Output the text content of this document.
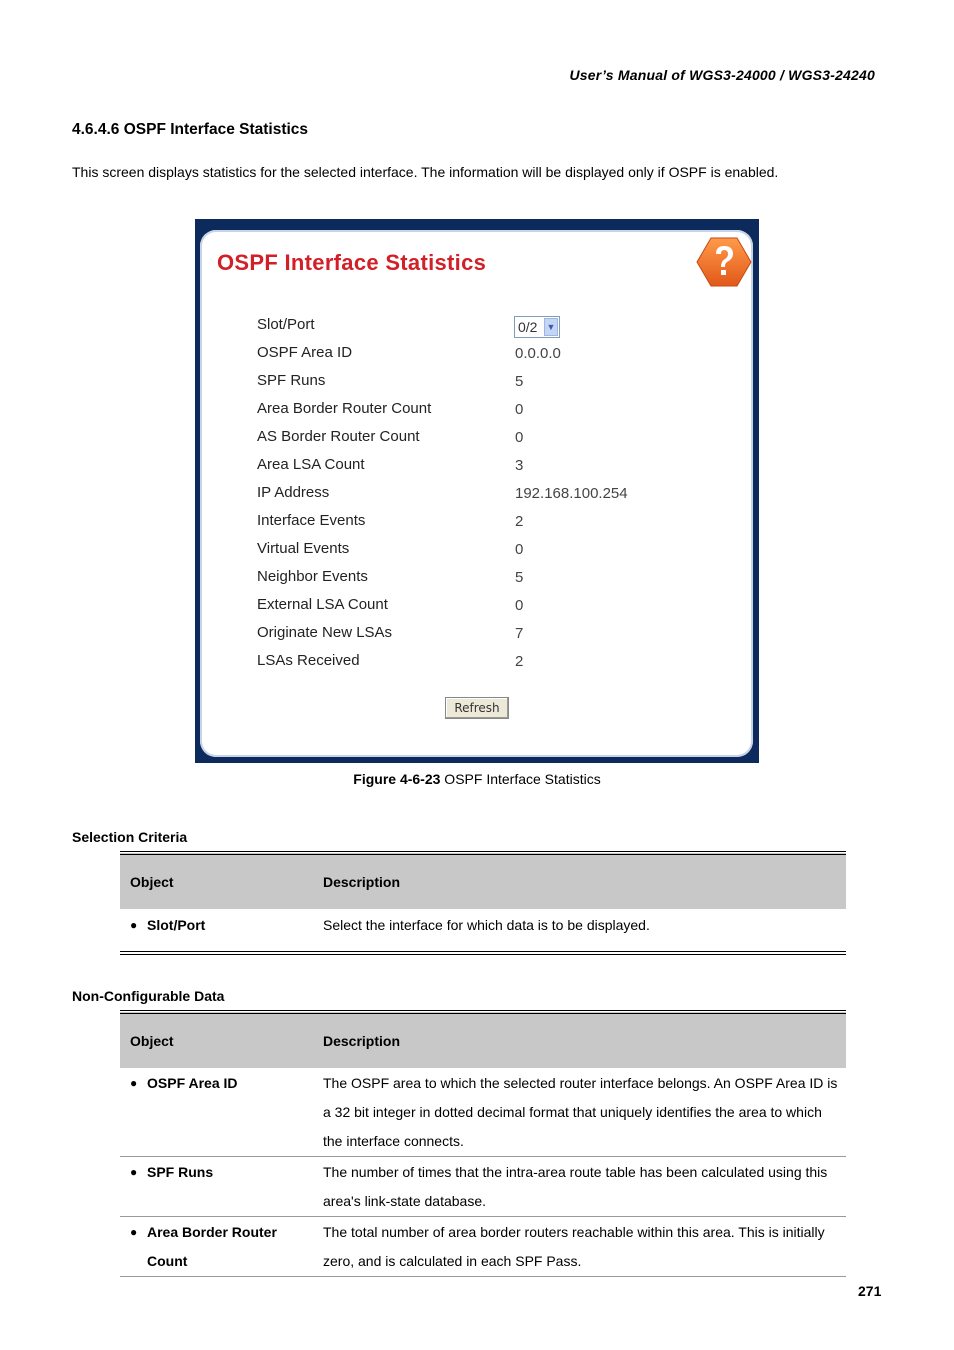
User’s Manual of WGS3-24000 / WGS3-24240
4.6.4.6 OSPF Interface Statistics
This screen displays statistics for the selected interface. The information will be displayed only if OSPF is enabled.
OSPF Interface Statistics
Slot/Port	0/2 ▼
OSPF Area ID	0.0.0.0
SPF Runs	5
Area Border Router Count	0
AS Border Router Count	0
Area LSA Count	3
IP Address	192.168.100.254
Interface Events	2
Virtual Events	0
Neighbor Events	5
External LSA Count	0
Originate New LSAs	7
LSAs Received	2
Refresh
Figure 4-6-23 OSPF Interface Statistics
Selection Criteria
Object	Description
● Slot/Port	Select the interface for which data is to be displayed.
Non-Configurable Data
Object	Description
● OSPF Area ID	The OSPF area to which the selected router interface belongs. An OSPF Area ID is a 32 bit integer in dotted decimal format that uniquely identifies the area to which the interface connects.
● SPF Runs	The number of times that the intra-area route table has been calculated using this area's link-state database.
● Area Border Router Count	The total number of area border routers reachable within this area. This is initially zero, and is calculated in each SPF Pass.
271
